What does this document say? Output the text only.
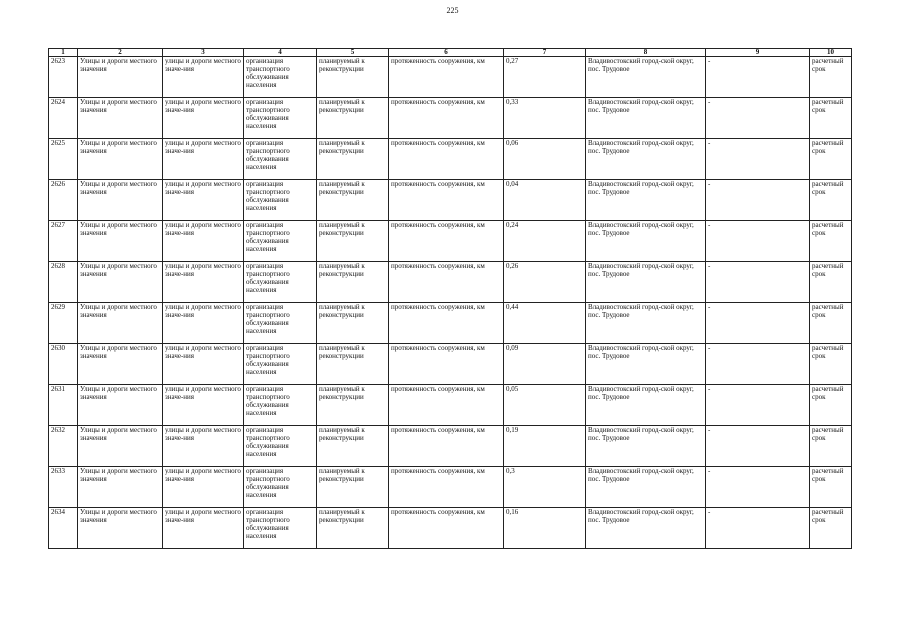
225
1	2	3	4	5	6	7	8	9	10
2623	Улицы и дороги местного значения	улицы и дороги местного значе-ния	организация транспортного обслуживания населения	планируемый к реконструкции	протяженность сооружения, км	0,27	Владивостокский город-ской округ, пос. Трудовое	-	расчетный срок
2624	Улицы и дороги местного значения	улицы и дороги местного значе-ния	организация транспортного обслуживания населения	планируемый к реконструкции	протяженность сооружения, км	0,33	Владивостокский город-ской округ, пос. Трудовое	-	расчетный срок
2625	Улицы и дороги местного значения	улицы и дороги местного значе-ния	организация транспортного обслуживания населения	планируемый к реконструкции	протяженность сооружения, км	0,06	Владивостокский город-ской округ, пос. Трудовое	-	расчетный срок
2626	Улицы и дороги местного значения	улицы и дороги местного значе-ния	организация транспортного обслуживания населения	планируемый к реконструкции	протяженность сооружения, км	0,04	Владивостокский город-ской округ, пос. Трудовое	-	расчетный срок
2627	Улицы и дороги местного значения	улицы и дороги местного значе-ния	организация транспортного обслуживания населения	планируемый к реконструкции	протяженность сооружения, км	0,24	Владивостокский город-ской округ, пос. Трудовое	-	расчетный срок
2628	Улицы и дороги местного значения	улицы и дороги местного значе-ния	организация транспортного обслуживания населения	планируемый к реконструкции	протяженность сооружения, км	0,26	Владивостокский город-ской округ, пос. Трудовое	-	расчетный срок
2629	Улицы и дороги местного значения	улицы и дороги местного значе-ния	организация транспортного обслуживания населения	планируемый к реконструкции	протяженность сооружения, км	0,44	Владивостокский город-ской округ, пос. Трудовое	-	расчетный срок
2630	Улицы и дороги местного значения	улицы и дороги местного значе-ния	организация транспортного обслуживания населения	планируемый к реконструкции	протяженность сооружения, км	0,09	Владивостокский город-ской округ, пос. Трудовое	-	расчетный срок
2631	Улицы и дороги местного значения	улицы и дороги местного значе-ния	организация транспортного обслуживания населения	планируемый к реконструкции	протяженность сооружения, км	0,05	Владивостокский город-ской округ, пос. Трудовое	-	расчетный срок
2632	Улицы и дороги местного значения	улицы и дороги местного значе-ния	организация транспортного обслуживания населения	планируемый к реконструкции	протяженность сооружения, км	0,19	Владивостокский город-ской округ, пос. Трудовое	-	расчетный срок
2633	Улицы и дороги местного значения	улицы и дороги местного значе-ния	организация транспортного обслуживания населения	планируемый к реконструкции	протяженность сооружения, км	0,3	Владивостокский город-ской округ, пос. Трудовое	-	расчетный срок
2634	Улицы и дороги местного значения	улицы и дороги местного значе-ния	организация транспортного обслуживания населения	планируемый к реконструкции	протяженность сооружения, км	0,16	Владивостокский город-ской округ, пос. Трудовое	-	расчетный срок
